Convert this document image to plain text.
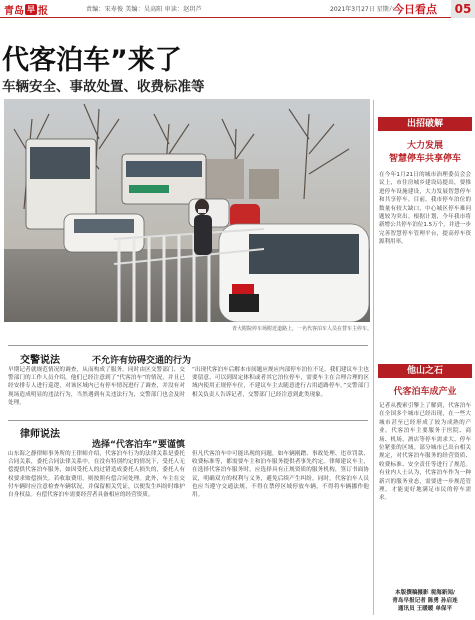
青岛 早 报	责编：宋寿俊 美编：吴高阳 审读：赵玥芦	2021年3月27日 星期六
今日看点	05
代客泊车”来了
车辆安全、事故处置、收费标准等
青大附院停车场附近道路上，一名代客泊车人员在替车主停车。
交警说法	不允许有妨碍交通的行为
早期记者就规范情况的调查，从而构成了服务。同时由区交警部门、交警部门的工作人员介绍，他们已经注意到了“代客泊车”的情况，并且已经安排专人进行巡逻，对该区域内已有停车情况进行了调查，并没有对现场造成明显的违法行为，当然遇到有关违法行为，交警部门也会及时处理。
“出现代客泊车后解本市间题应规应内部停车泊位不足，我们建议车主也要留意，可以到固定体积或者其它泊位停车，需要车主在合理合理的区域内使用正规停车位，不建议车主去随意进行占用道路停车。”交警部门相关负责人告诉记者，交警部门已经注意到此类现象。
律师说法
选择“代客泊车”要谨慎
山东海之静律师事务所的王律师介绍，代客泊车行为的法律关系是委托合同关系，委托合同法律关系中，在没有特别约定的情况下，受托人无偿提供代客泊车服务，如因受托人的过错造成委托人损失的，委托人有权要求赔偿损失。若收取费用，则按照有偿合同处理。此外，车主在交付车辆时应注意检查车辆状况，并保留相关凭证，以便发生纠纷时维护自身权益。有偿代客泊车需要经营者具备相应的经营资质。
但凡代客泊车中可能出现的问题，如车辆剐蹭、事故处理、违章罚款、收费标准等，都需要车主和泊车服务提供者事先约定。律师建议车主，在选择代客泊车服务时，应选择具有正规资质的服务机构，签订书面协议，明确双方的权利与义务，避免后续产生纠纷。同时，代客泊车人员也应当遵守交通法规，不得在禁停区域停放车辆，不得将车辆挪作他用。
出招破解
大力发展
智慧停车共享停车
在今年1月21日的城市治理委员会会议上，市住房城乡建设局提出，要推进停车设施建设，大力发展智慧停车和共享停车。目前，我市停车泊位的数量有较大缺口，中心城区停车难问题较为突出。根据计划，今年我市将新增公共停车泊位1.5万个，并进一步完善智慧停车管理平台，提高停车资源利用率。
他山之石
代客泊车成产业
记者从搜索引擎上了解到，代客泊车在全国多个城市已经出现，在一些大城市甚至已经形成了较为成熟的产业。代客泊车主要服务于医院、商场、机场、酒店等停车需求大、停车位紧张的区域。部分城市已出台相关规定，对代客泊车服务的经营资质、收费标准、安全责任等进行了规范。有业内人士认为，代客泊车作为一种新兴的服务业态，需要进一步规范管理，才能更好地满足市民的停车需求。
本版撰稿摄影 观海新闻/
青岛早报记者 陈勇 孙启连
通讯员 王暖暖 单保平
